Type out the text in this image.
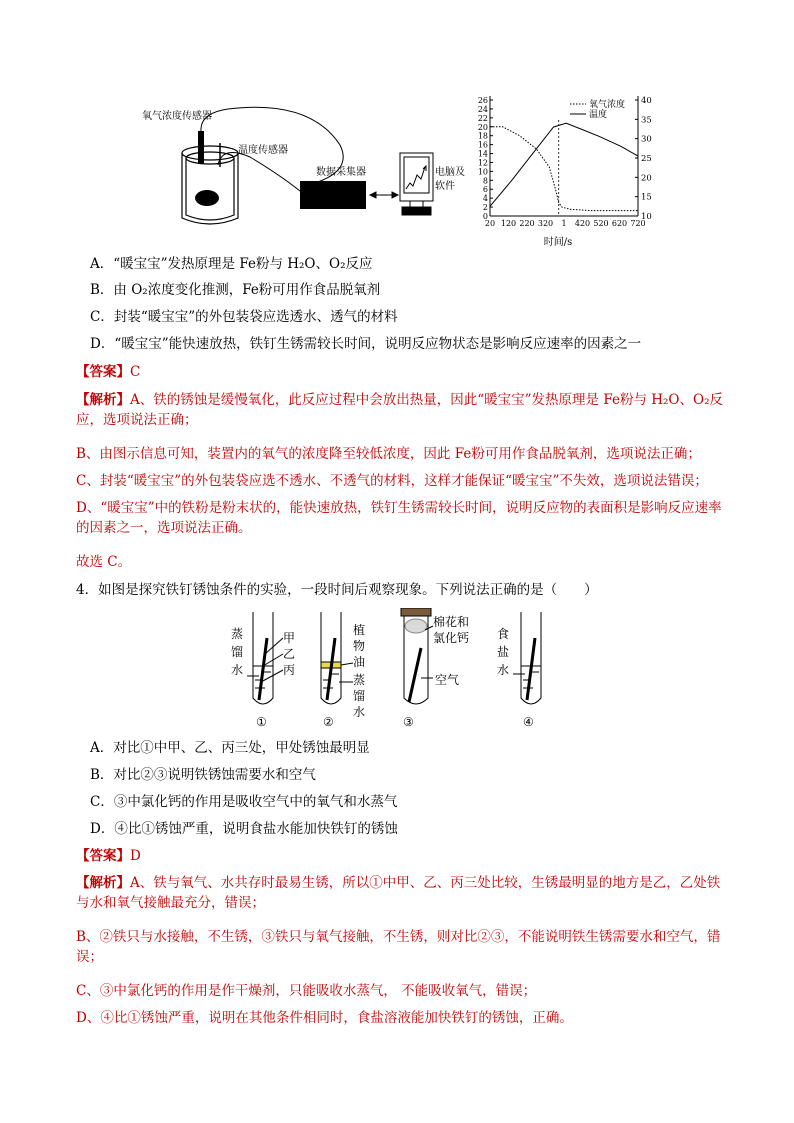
氧气浓度传感器
温度传感器
数据采集器	电脑及
软件
0
2
4
6
8
10
12
14
16
18
20
22
24
26
10
15
20
25
30
35
40
20 120 220 320 1 420 520 620 720
氧气浓度
温度
时间/s
A．“暖宝宝”发热原理是 Fe粉与 H₂O、O₂反应
B．由 O₂浓度变化推测，Fe粉可用作食品脱氧剂
C．封装“暖宝宝”的外包装袋应选透水、透气的材料
D．“暖宝宝”能快速放热，铁钉生锈需较长时间，说明反应物状态是影响反应速率的因素之一
【答案】C
【解析】A、铁的锈蚀是缓慢氧化，此反应过程中会放出热量，因此“暖宝宝”发热原理是 Fe粉与 H₂O、O₂反应，选项说法正确；
B、由图示信息可知，装置内的氧气的浓度降至较低浓度，因此 Fe粉可用作食品脱氧剂，选项说法正确；
C、封装“暖宝宝”的外包装袋应选不透水、不透气的材料，这样才能保证“暖宝宝”不失效，选项说法错误；
D、“暖宝宝”中的铁粉是粉末状的，能快速放热，铁钉生锈需较长时间，说明反应物的表面积是影响反应速率的因素之一，选项说法正确。
故选 C。
4．如图是探究铁钉锈蚀条件的实验，一段时间后观察现象。下列说法正确的是（　　）
蒸
馏
水
甲
乙
丙
植
物
油
蒸
馏
水
棉花和
氯化钙
空气
食
盐
水
①	②	③	④
A．对比①中甲、乙、丙三处，甲处锈蚀最明显
B．对比②③说明铁锈蚀需要水和空气
C．③中氯化钙的作用是吸收空气中的氧气和水蒸气
D．④比①锈蚀严重，说明食盐水能加快铁钉的锈蚀
【答案】D
【解析】A、铁与氧气、水共存时最易生锈，所以①中甲、乙、丙三处比较，生锈最明显的地方是乙，乙处铁与水和氧气接触最充分，错误；
B、②铁只与水接触，不生锈，③铁只与氧气接触，不生锈，则对比②③，不能说明铁生锈需要水和空气，错误；
C、③中氯化钙的作用是作干燥剂，只能吸收水蒸气， 不能吸收氧气，错误；
D、④比①锈蚀严重，说明在其他条件相同时，食盐溶液能加快铁钉的锈蚀，正确。
